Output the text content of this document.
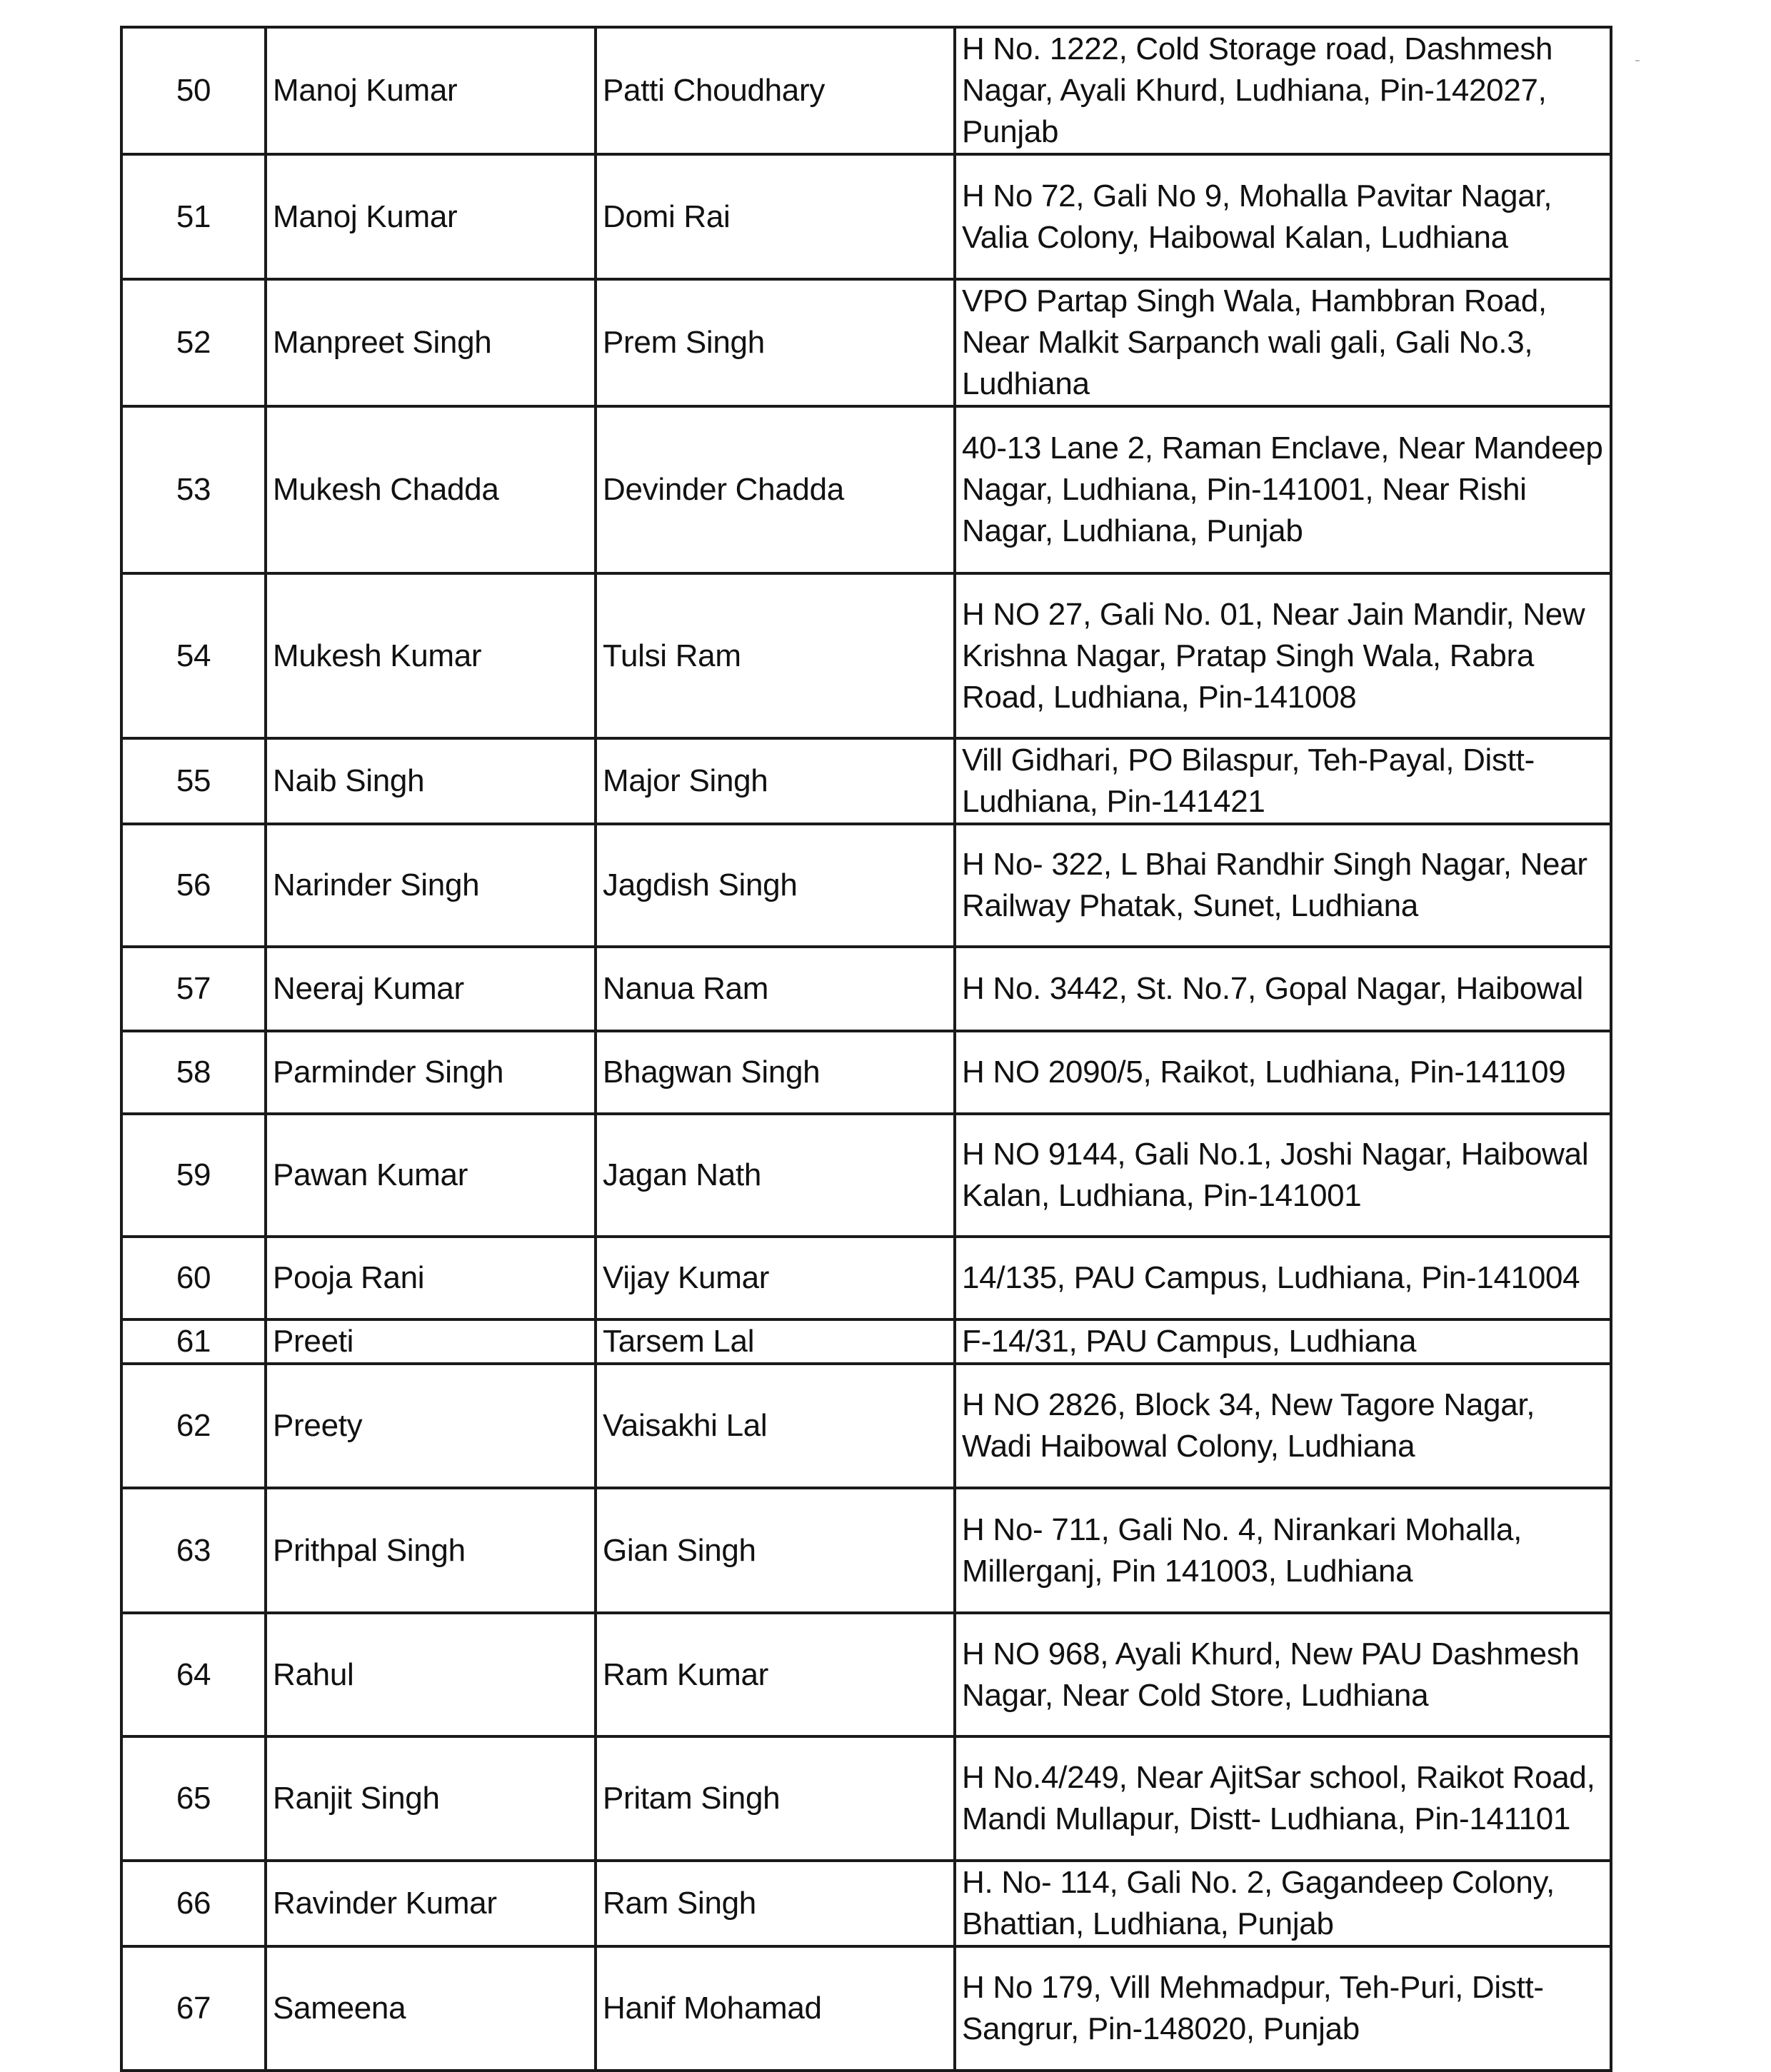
50	Manoj Kumar	Patti Choudhary	H No. 1222, Cold Storage road, Dashmesh Nagar, Ayali Khurd, Ludhiana, Pin-142027, Punjab
51	Manoj Kumar	Domi Rai	H No 72, Gali No 9, Mohalla Pavitar Nagar, Valia Colony, Haibowal Kalan, Ludhiana
52	Manpreet Singh	Prem Singh	VPO Partap Singh Wala, Hambbran Road, Near Malkit Sarpanch wali gali, Gali No.3, Ludhiana
53	Mukesh Chadda	Devinder Chadda	40-13 Lane 2, Raman Enclave, Near Mandeep Nagar, Ludhiana, Pin-141001, Near Rishi Nagar, Ludhiana, Punjab
54	Mukesh Kumar	Tulsi Ram	H NO 27, Gali No. 01, Near Jain Mandir, New Krishna Nagar, Pratap Singh Wala, Rabra Road, Ludhiana, Pin-141008
55	Naib Singh	Major Singh	Vill Gidhari, PO Bilaspur, Teh-Payal, Distt-Ludhiana, Pin-141421
56	Narinder Singh	Jagdish Singh	H No- 322, L Bhai Randhir Singh Nagar, Near Railway Phatak, Sunet, Ludhiana
57	Neeraj Kumar	Nanua Ram	H No. 3442, St. No.7, Gopal Nagar, Haibowal
58	Parminder Singh	Bhagwan Singh	H NO 2090/5, Raikot, Ludhiana, Pin-141109
59	Pawan Kumar	Jagan Nath	H NO 9144, Gali No.1, Joshi Nagar, Haibowal Kalan, Ludhiana, Pin-141001
60	Pooja Rani	Vijay Kumar	14/135, PAU Campus, Ludhiana, Pin-141004
61	Preeti	Tarsem Lal	F-14/31, PAU Campus, Ludhiana
62	Preety	Vaisakhi Lal	H NO 2826, Block 34, New Tagore Nagar, Wadi Haibowal Colony, Ludhiana
63	Prithpal Singh	Gian Singh	H No- 711, Gali No. 4, Nirankari Mohalla, Millerganj, Pin 141003, Ludhiana
64	Rahul	Ram Kumar	H NO 968, Ayali Khurd, New PAU Dashmesh Nagar, Near Cold Store, Ludhiana
65	Ranjit Singh	Pritam Singh	H No.4/249, Near AjitSar school, Raikot Road, Mandi Mullapur, Distt- Ludhiana, Pin-141101
66	Ravinder Kumar	Ram Singh	H. No- 114, Gali No. 2, Gagandeep Colony, Bhattian, Ludhiana, Punjab
67	Sameena	Hanif Mohamad	H No 179, Vill Mehmadpur, Teh-Puri, Distt-Sangrur, Pin-148020, Punjab
